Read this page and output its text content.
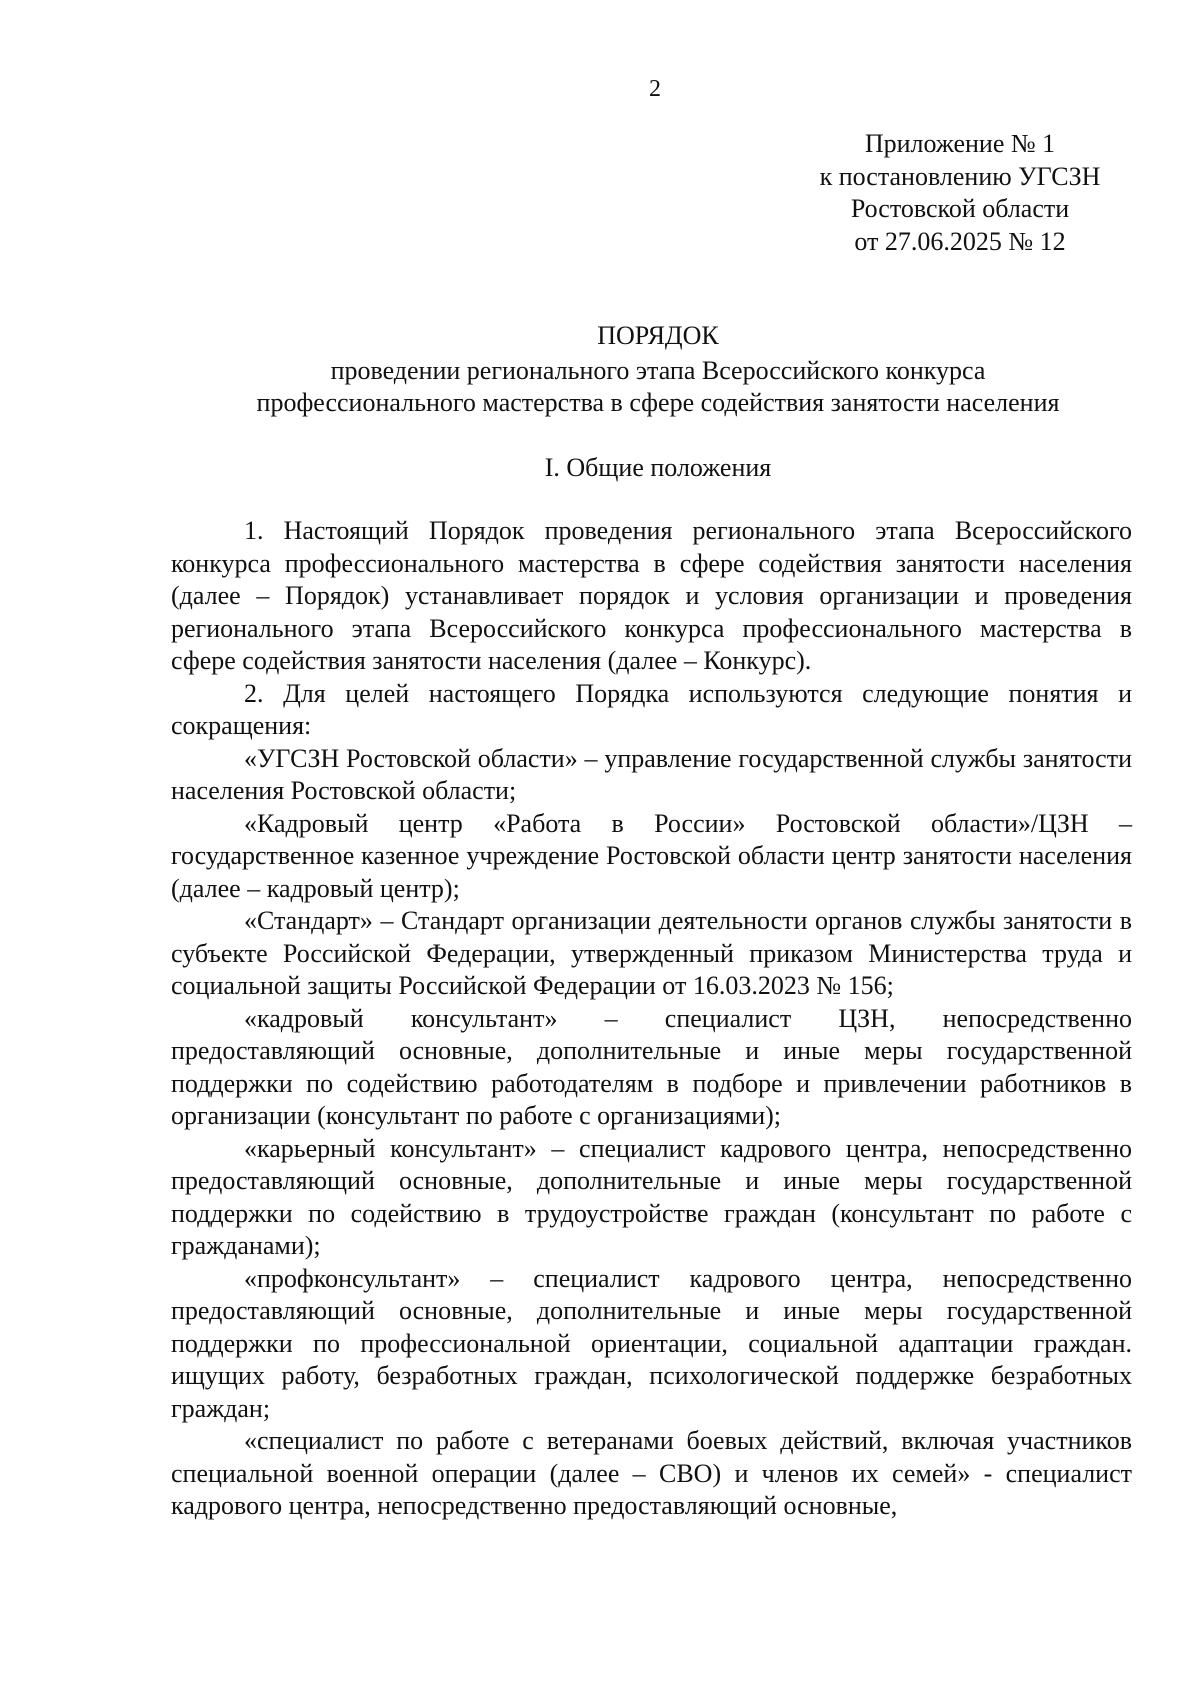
2
Приложение № 1
к постановлению УГСЗН
Ростовской области
от 27.06.2025 № 12
ПОРЯДОК
проведении регионального этапа Всероссийского конкурса
профессионального мастерства в сфере содействия занятости населения
I. Общие положения

1. Настоящий Порядок проведения регионального этапа Всероссийского конкурса профессионального мастерства в сфере содействия занятости населения (далее – Порядок) устанавливает порядок и условия организации и проведения регионального этапа Всероссийского конкурса профессионального мастерства в сфере содействия занятости населения (далее – Конкурс).

2. Для целей настоящего Порядка используются следующие понятия и сокращения:

«УГСЗН Ростовской области» – управление государственной службы занятости населения Ростовской области;

«Кадровый центр «Работа в России» Ростовской области»/ЦЗН – государственное казенное учреждение Ростовской области центр занятости населения (далее – кадровый центр);

«Стандарт» – Стандарт организации деятельности органов службы занятости в субъекте Российской Федерации, утвержденный приказом Министерства труда и социальной защиты Российской Федерации от 16.03.2023 № 156;

«кадровый консультант» – специалист ЦЗН, непосредственно предоставляющий основные, дополнительные и иные меры государственной поддержки по содействию работодателям в подборе и привлечении работников в организации (консультант по работе с организациями);

«карьерный консультант» – специалист кадрового центра, непосредственно предоставляющий основные, дополнительные и иные меры государственной поддержки по содействию в трудоустройстве граждан (консультант по работе с гражданами);

«профконсультант» – специалист кадрового центра, непосредственно предоставляющий основные, дополнительные и иные меры государственной поддержки по профессиональной ориентации, социальной адаптации граждан. ищущих работу, безработных граждан, психологической поддержке безработных граждан;

«специалист по работе с ветеранами боевых действий, включая участников специальной военной операции (далее – СВО) и членов их семей» - специалист кадрового центра, непосредственно предоставляющий основные,
